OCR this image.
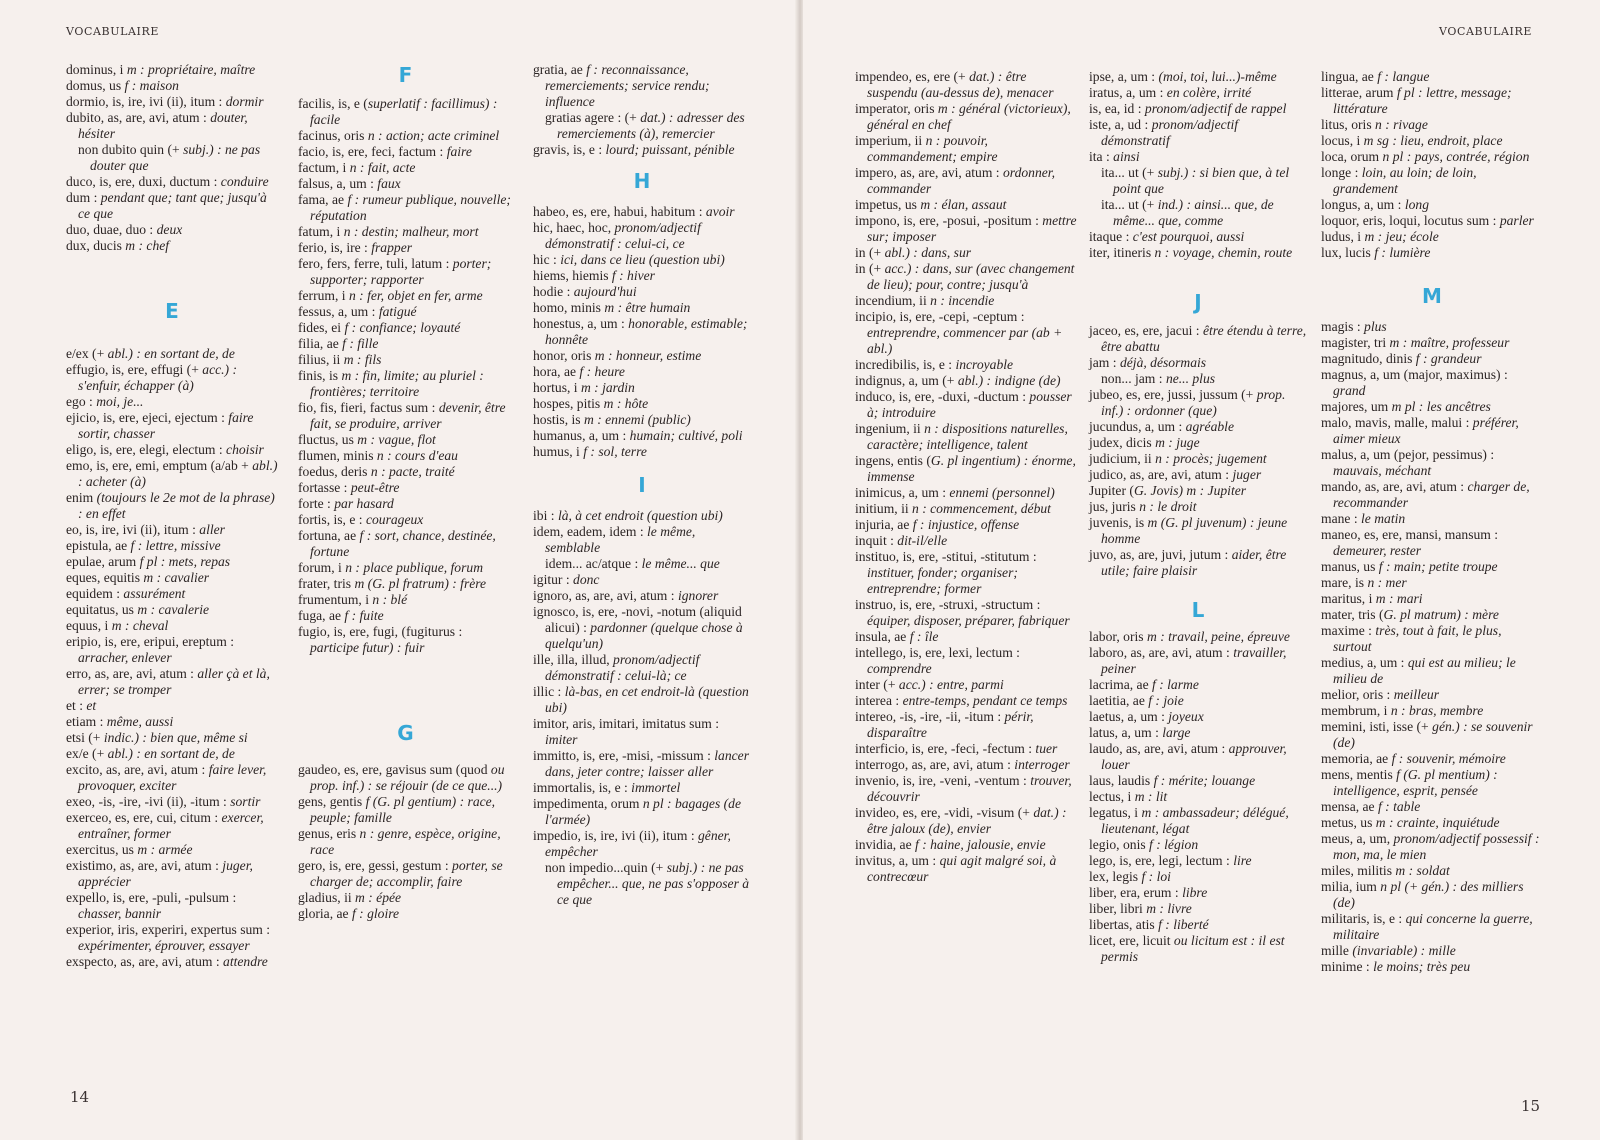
VOCABULAIRE
dominus, i m : propriétaire, maître
domus, us f : maison
dormio, is, ire, ivi (ii), itum : dormir
dubito, as, are, avi, atum : douter, hésiter
non dubito quin (+ subj.) : ne pas douter que
duco, is, ere, duxi, ductum : conduire
dum : pendant que; tant que; jusqu'à ce que
duo, duae, duo : deux
dux, ducis m : chef
E
e/ex (+ abl.) : en sortant de, de
effugio, is, ere, effugi (+ acc.) : s'enfuir, échapper (à)
ego : moi, je...
ejicio, is, ere, ejeci, ejectum : faire sortir, chasser
eligo, is, ere, elegi, electum : choisir
emo, is, ere, emi, emptum (a/ab + abl.) : acheter (à)
enim (toujours le 2e mot de la phrase) : en effet
eo, is, ire, ivi (ii), itum : aller
epistula, ae f : lettre, missive
epulae, arum f pl : mets, repas
eques, equitis m : cavalier
equidem : assurément
equitatus, us m : cavalerie
equus, i m : cheval
eripio, is, ere, eripui, ereptum : arracher, enlever
erro, as, are, avi, atum : aller çà et là, errer; se tromper
et : et
etiam : même, aussi
etsi (+ indic.) : bien que, même si
ex/e (+ abl.) : en sortant de, de
excito, as, are, avi, atum : faire lever, provoquer, exciter
exeo, -is, -ire, -ivi (ii), -itum : sortir
exerceo, es, ere, cui, citum : exercer, entraîner, former
exercitus, us m : armée
existimo, as, are, avi, atum : juger, apprécier
expello, is, ere, -puli, -pulsum : chasser, bannir
experior, iris, experiri, expertus sum : expérimenter, éprouver, essayer
exspecto, as, are, avi, atum : attendre
F
facilis, is, e (superlatif : facillimus) : facile
facinus, oris n : action; acte criminel
facio, is, ere, feci, factum : faire
factum, i n : fait, acte
falsus, a, um : faux
fama, ae f : rumeur publique, nouvelle; réputation
fatum, i n : destin; malheur, mort
ferio, is, ire : frapper
fero, fers, ferre, tuli, latum : porter; supporter; rapporter
ferrum, i n : fer, objet en fer, arme
fessus, a, um : fatigué
fides, ei f : confiance; loyauté
filia, ae f : fille
filius, ii m : fils
finis, is m : fin, limite; au pluriel : frontières; territoire
fio, fis, fieri, factus sum : devenir, être fait, se produire, arriver
fluctus, us m : vague, flot
flumen, minis n : cours d'eau
foedus, deris n : pacte, traité
fortasse : peut-être
forte : par hasard
fortis, is, e : courageux
fortuna, ae f : sort, chance, destinée, fortune
forum, i n : place publique, forum
frater, tris m (G. pl fratrum) : frère
frumentum, i n : blé
fuga, ae f : fuite
fugio, is, ere, fugi, (fugiturus : participe futur) : fuir
G
gaudeo, es, ere, gavisus sum (quod ou prop. inf.) : se réjouir (de ce que...)
gens, gentis f (G. pl gentium) : race, peuple; famille
genus, eris n : genre, espèce, origine, race
gero, is, ere, gessi, gestum : porter, se charger de; accomplir, faire
gladius, ii m : épée
gloria, ae f : gloire
gratia, ae f : reconnaissance, remerciements; service rendu; influence
gratias agere : (+ dat.) : adresser des remerciements (à), remercier
gravis, is, e : lourd; puissant, pénible
H
habeo, es, ere, habui, habitum : avoir
hic, haec, hoc, pronom/adjectif démonstratif : celui-ci, ce
hic : ici, dans ce lieu (question ubi)
hiems, hiemis f : hiver
hodie : aujourd'hui
homo, minis m : être humain
honestus, a, um : honorable, estimable; honnête
honor, oris m : honneur, estime
hora, ae f : heure
hortus, i m : jardin
hospes, pitis m : hôte
hostis, is m : ennemi (public)
humanus, a, um : humain; cultivé, poli
humus, i f : sol, terre
I
ibi : là, à cet endroit (question ubi)
idem, eadem, idem : le même, semblable
idem... ac/atque : le même... que
igitur : donc
ignoro, as, are, avi, atum : ignorer
ignosco, is, ere, -novi, -notum (aliquid alicui) : pardonner (quelque chose à quelqu'un)
ille, illa, illud, pronom/adjectif démonstratif : celui-là; ce
illic : là-bas, en cet endroit-là (question ubi)
imitor, aris, imitari, imitatus sum : imiter
immitto, is, ere, -misi, -missum : lancer dans, jeter contre; laisser aller
immortalis, is, e : immortel
impedimenta, orum n pl : bagages (de l'armée)
impedio, is, ire, ivi (ii), itum : gêner, empêcher
non impedio...quin (+ subj.) : ne pas empêcher... que, ne pas s'opposer à ce que
14
VOCABULAIRE
impendeo, es, ere (+ dat.) : être suspendu (au-dessus de), menacer
imperator, oris m : général (victorieux), général en chef
imperium, ii n : pouvoir, commandement; empire
impero, as, are, avi, atum : ordonner, commander
impetus, us m : élan, assaut
impono, is, ere, -posui, -positum : mettre sur; imposer
in (+ abl.) : dans, sur
in (+ acc.) : dans, sur (avec changement de lieu); pour, contre; jusqu'à
incendium, ii n : incendie
incipio, is, ere, -cepi, -ceptum : entreprendre, commencer par (ab + abl.)
incredibilis, is, e : incroyable
indignus, a, um (+ abl.) : indigne (de)
induco, is, ere, -duxi, -ductum : pousser à; introduire
ingenium, ii n : dispositions naturelles, caractère; intelligence, talent
ingens, entis (G. pl ingentium) : énorme, immense
inimicus, a, um : ennemi (personnel)
initium, ii n : commencement, début
injuria, ae f : injustice, offense
inquit : dit-il/elle
instituo, is, ere, -stitui, -stitutum : instituer, fonder; organiser; entreprendre; former
instruo, is, ere, -struxi, -structum : équiper, disposer, préparer, fabriquer
insula, ae f : île
intellego, is, ere, lexi, lectum : comprendre
inter (+ acc.) : entre, parmi
interea : entre-temps, pendant ce temps
intereo, -is, -ire, -ii, -itum : périr, disparaître
interficio, is, ere, -feci, -fectum : tuer
interrogo, as, are, avi, atum : interroger
invenio, is, ire, -veni, -ventum : trouver, découvrir
invideo, es, ere, -vidi, -visum (+ dat.) : être jaloux (de), envier
invidia, ae f : haine, jalousie, envie
invitus, a, um : qui agit malgré soi, à contrecœur
ipse, a, um : (moi, toi, lui...)-même
iratus, a, um : en colère, irrité
is, ea, id : pronom/adjectif de rappel
iste, a, ud : pronom/adjectif démonstratif
ita : ainsi
ita... ut (+ subj.) : si bien que, à tel point que
ita... ut (+ ind.) : ainsi... que, de même... que, comme
itaque : c'est pourquoi, aussi
iter, itineris n : voyage, chemin, route
J
jaceo, es, ere, jacui : être étendu à terre, être abattu
jam : déjà, désormais
non... jam : ne... plus
jubeo, es, ere, jussi, jussum (+ prop. inf.) : ordonner (que)
jucundus, a, um : agréable
judex, dicis m : juge
judicium, ii n : procès; jugement
judico, as, are, avi, atum : juger
Jupiter (G. Jovis) m : Jupiter
jus, juris n : le droit
juvenis, is m (G. pl juvenum) : jeune homme
juvo, as, are, juvi, jutum : aider, être utile; faire plaisir
L
labor, oris m : travail, peine, épreuve
laboro, as, are, avi, atum : travailler, peiner
lacrima, ae f : larme
laetitia, ae f : joie
laetus, a, um : joyeux
latus, a, um : large
laudo, as, are, avi, atum : approuver, louer
laus, laudis f : mérite; louange
lectus, i m : lit
legatus, i m : ambassadeur; délégué, lieutenant, légat
legio, onis f : légion
lego, is, ere, legi, lectum : lire
lex, legis f : loi
liber, era, erum : libre
liber, libri m : livre
libertas, atis f : liberté
licet, ere, licuit ou licitum est : il est permis
lingua, ae f : langue
litterae, arum f pl : lettre, message; littérature
litus, oris n : rivage
locus, i m sg : lieu, endroit, place
loca, orum n pl : pays, contrée, région
longe : loin, au loin; de loin, grandement
longus, a, um : long
loquor, eris, loqui, locutus sum : parler
ludus, i m : jeu; école
lux, lucis f : lumière
M
magis : plus
magister, tri m : maître, professeur
magnitudo, dinis f : grandeur
magnus, a, um (major, maximus) : grand
majores, um m pl : les ancêtres
malo, mavis, malle, malui : préférer, aimer mieux
malus, a, um (pejor, pessimus) : mauvais, méchant
mando, as, are, avi, atum : charger de, recommander
mane : le matin
maneo, es, ere, mansi, mansum : demeurer, rester
manus, us f : main; petite troupe
mare, is n : mer
maritus, i m : mari
mater, tris (G. pl matrum) : mère
maxime : très, tout à fait, le plus, surtout
medius, a, um : qui est au milieu; le milieu de
melior, oris : meilleur
membrum, i n : bras, membre
memini, isti, isse (+ gén.) : se souvenir (de)
memoria, ae f : souvenir, mémoire
mens, mentis f (G. pl mentium) : intelligence, esprit, pensée
mensa, ae f : table
metus, us m : crainte, inquiétude
meus, a, um, pronom/adjectif possessif : mon, ma, le mien
miles, militis m : soldat
milia, ium n pl (+ gén.) : des milliers (de)
militaris, is, e : qui concerne la guerre, militaire
mille (invariable) : mille
minime : le moins; très peu
15
